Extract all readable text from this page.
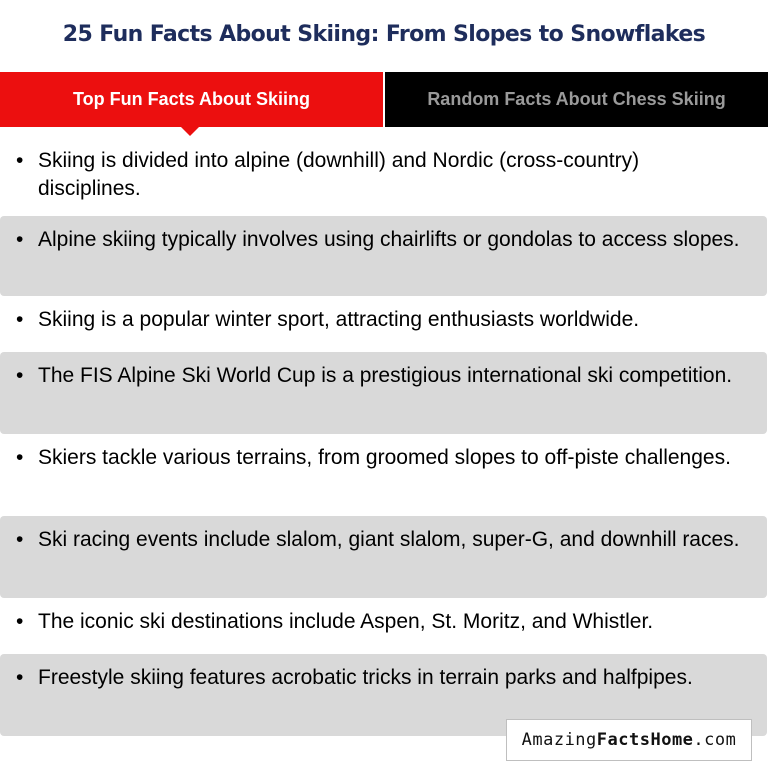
25 Fun Facts About Skiing: From Slopes to Snowflakes
Top Fun Facts About Skiing	Random Facts About Chess Skiing
• Skiing is divided into alpine (downhill) and Nordic (cross-country) disciplines.
• Alpine skiing typically involves using chairlifts or gondolas to access slopes.
• Skiing is a popular winter sport, attracting enthusiasts worldwide.
• The FIS Alpine Ski World Cup is a prestigious international ski competition.
• Skiers tackle various terrains, from groomed slopes to off-piste challenges.
• Ski racing events include slalom, giant slalom, super-G, and downhill races.
• The iconic ski destinations include Aspen, St. Moritz, and Whistler.
• Freestyle skiing features acrobatic tricks in terrain parks and halfpipes.
Amazing Facts Home .com
